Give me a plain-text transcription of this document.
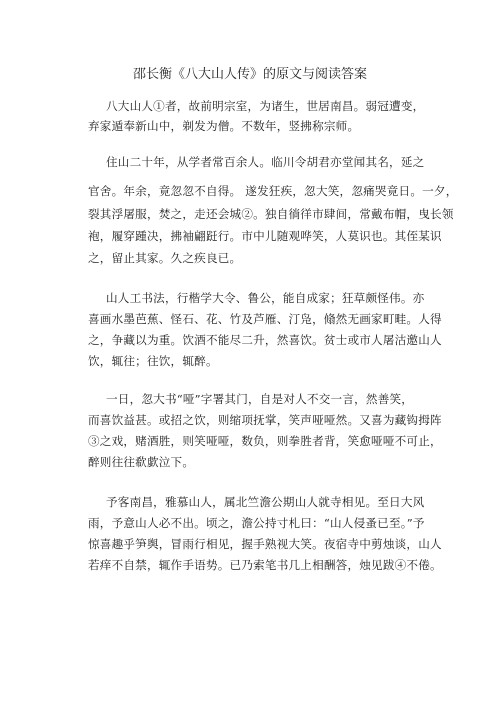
邵长衡《八大山人传》的原文与阅读答案
八大山人①者，故前明宗室，为诸生，世居南昌。弱冠遭变，
弃家遁奉新山中，剃发为僧。不数年，竖拂称宗师。
住山二十年，从学者常百余人。临川令胡君亦堂闻其名，延之
官舍。年余，竟忽忽不自得。 遂发狂疾，忽大笑，忽痛哭竟日。一夕，
裂其浮屠服，焚之，走还会城②。独自徜徉市肆间，常戴布帽，曳长领
袍，履穿踵决，拂袖翩跹行。市中儿随观哗笑，人莫识也。其侄某识
之，留止其家。久之疾良已。
山人工书法，行楷学大令、鲁公，能自成家；狂草颇怪伟。亦
喜画水墨芭蕉、怪石、花、竹及芦雁、汀凫，翛然无画家町畦。人得
之，争藏以为重。饮酒不能尽二升，然喜饮。贫士或市人屠沽邀山人
饮，辄往；往饮，辄醉。
一日，忽大书“哑”字署其门，自是对人不交一言，然善笑，
而喜饮益甚。或招之饮，则缩项抚掌，笑声哑哑然。又喜为藏钩拇阵
③之戏，赌酒胜，则笑哑哑，数负，则拳胜者背，笑愈哑哑不可止，
醉则往往欷歔泣下。
予客南昌，雅慕山人，属北竺澹公期山人就寺相见。至日大风
雨，予意山人必不出。顷之，澹公持寸札曰：“山人侵蚤已至。”予
惊喜趣乎笋舆，冒雨行相见，握手熟视大笑。夜宿寺中剪烛谈，山人
若痒不自禁，辄作手语势。已乃索笔书几上相酬答，烛见跋④不倦。
